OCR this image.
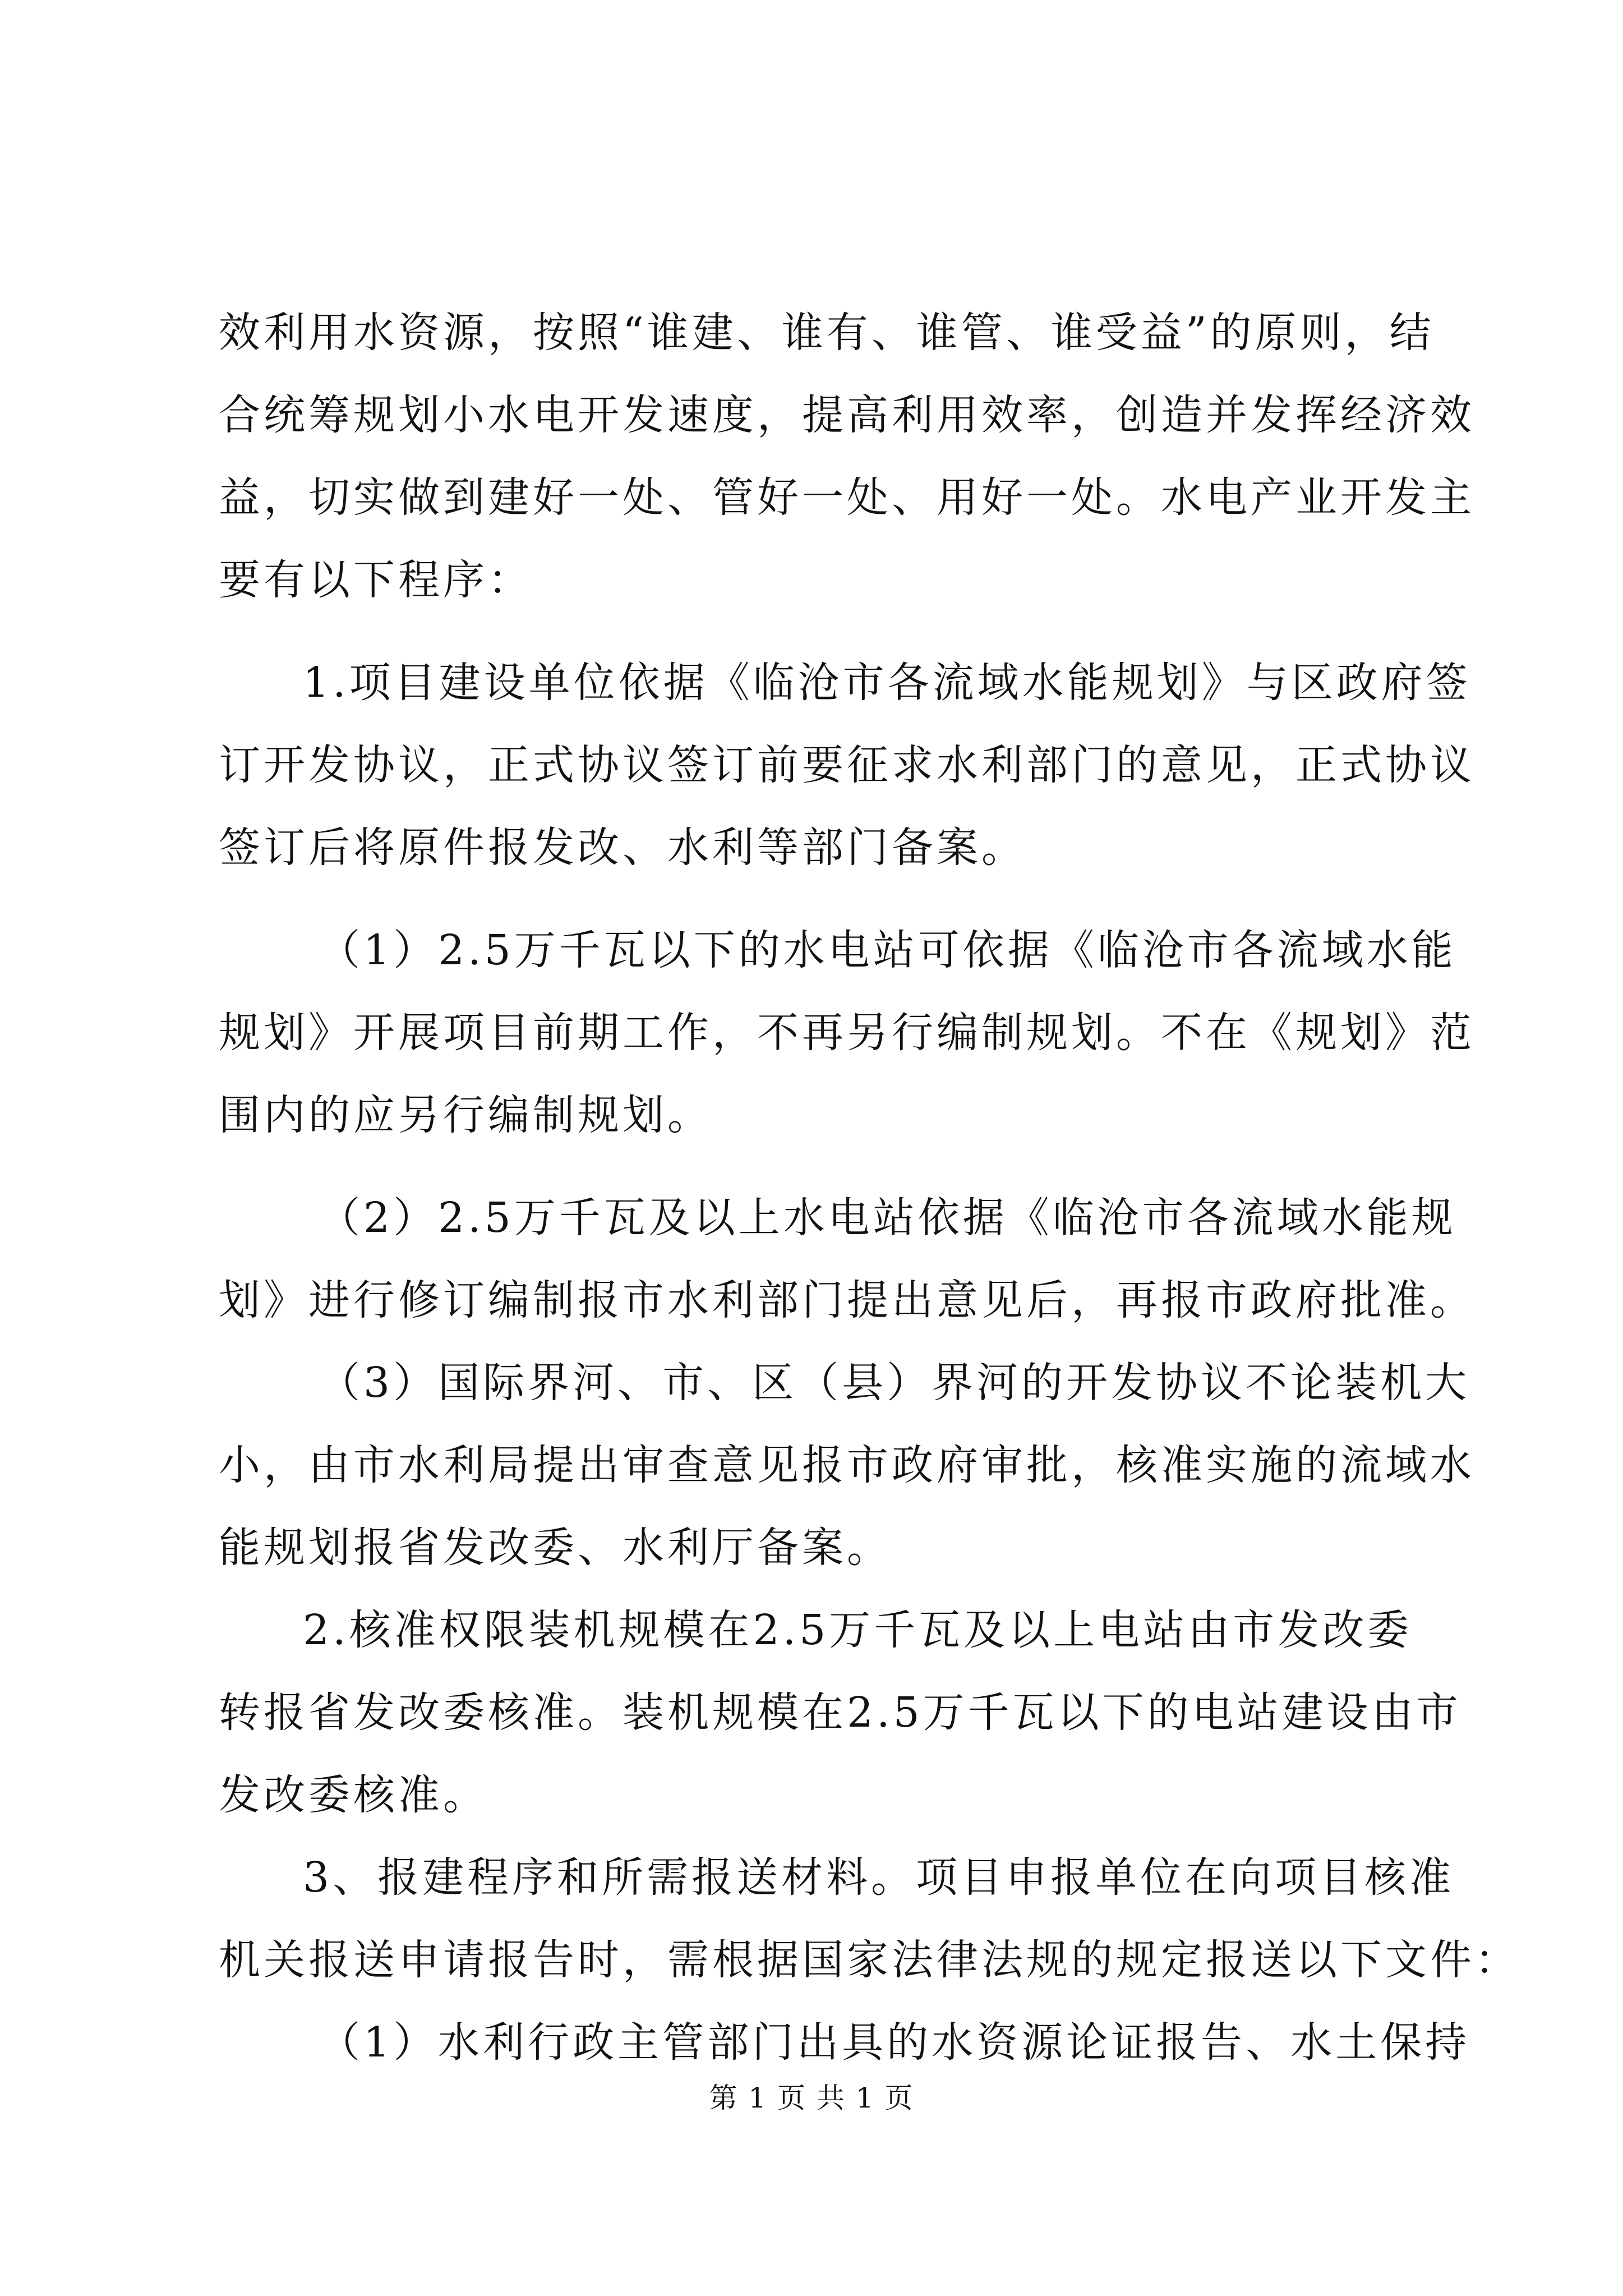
效利用水资源，按照“谁建、谁有、谁管、谁受益”的原则，结
合统筹规划小水电开发速度，提高利用效率，创造并发挥经济效
益，切实做到建好一处、管好一处、用好一处。水电产业开发主
要有以下程序：
1.项目建设单位依据《临沧市各流域水能规划》与区政府签
订开发协议，正式协议签订前要征求水利部门的意见，正式协议
签订后将原件报发改、水利等部门备案。
（1）2.5万千瓦以下的水电站可依据《临沧市各流域水能
规划》开展项目前期工作，不再另行编制规划。不在《规划》范
围内的应另行编制规划。
（2）2.5万千瓦及以上水电站依据《临沧市各流域水能规
划》进行修订编制报市水利部门提出意见后，再报市政府批准。
（3）国际界河、市、区（县）界河的开发协议不论装机大
小，由市水利局提出审查意见报市政府审批，核准实施的流域水
能规划报省发改委、水利厅备案。
2.核准权限装机规模在2.5万千瓦及以上电站由市发改委
转报省发改委核准。装机规模在2.5万千瓦以下的电站建设由市
发改委核准。
3、报建程序和所需报送材料。项目申报单位在向项目核准
机关报送申请报告时，需根据国家法律法规的规定报送以下文件：
（1）水利行政主管部门出具的水资源论证报告、水土保持
第 1 页 共 1 页
